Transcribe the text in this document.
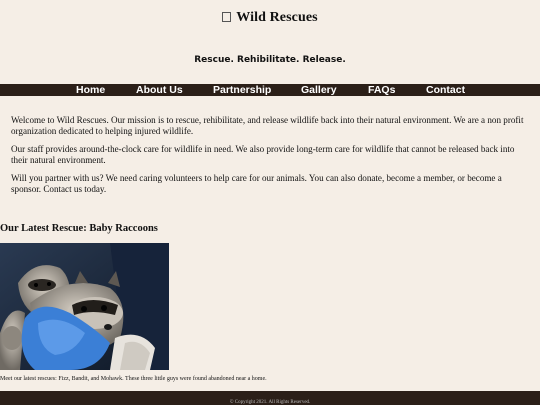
Wild Rescues
Rescue. Rehibilitate. Release.
Home	About Us	Partnership	Gallery	FAQs	Contact

Welcome to Wild Rescues. Our mission is to rescue, rehibilitate, and release wildlife back into their natural environment. We are a non profit organization dedicated to helping injured wildlife.

Our staff provides around-the-clock care for wildlife in need. We also provide long-term care for wildlife that cannot be released back into their natural environment.

Will you partner with us? We need caring volunteers to help care for our animals. You can also donate, become a member, or become a sponsor. Contact us today.

Our Latest Rescue: Baby Raccoons
Meet our latest rescues: Fizz, Bandit, and Mohawk. These three little guys were found abandoned near a home.
© Copyright 2021. All Rights Reserved.
